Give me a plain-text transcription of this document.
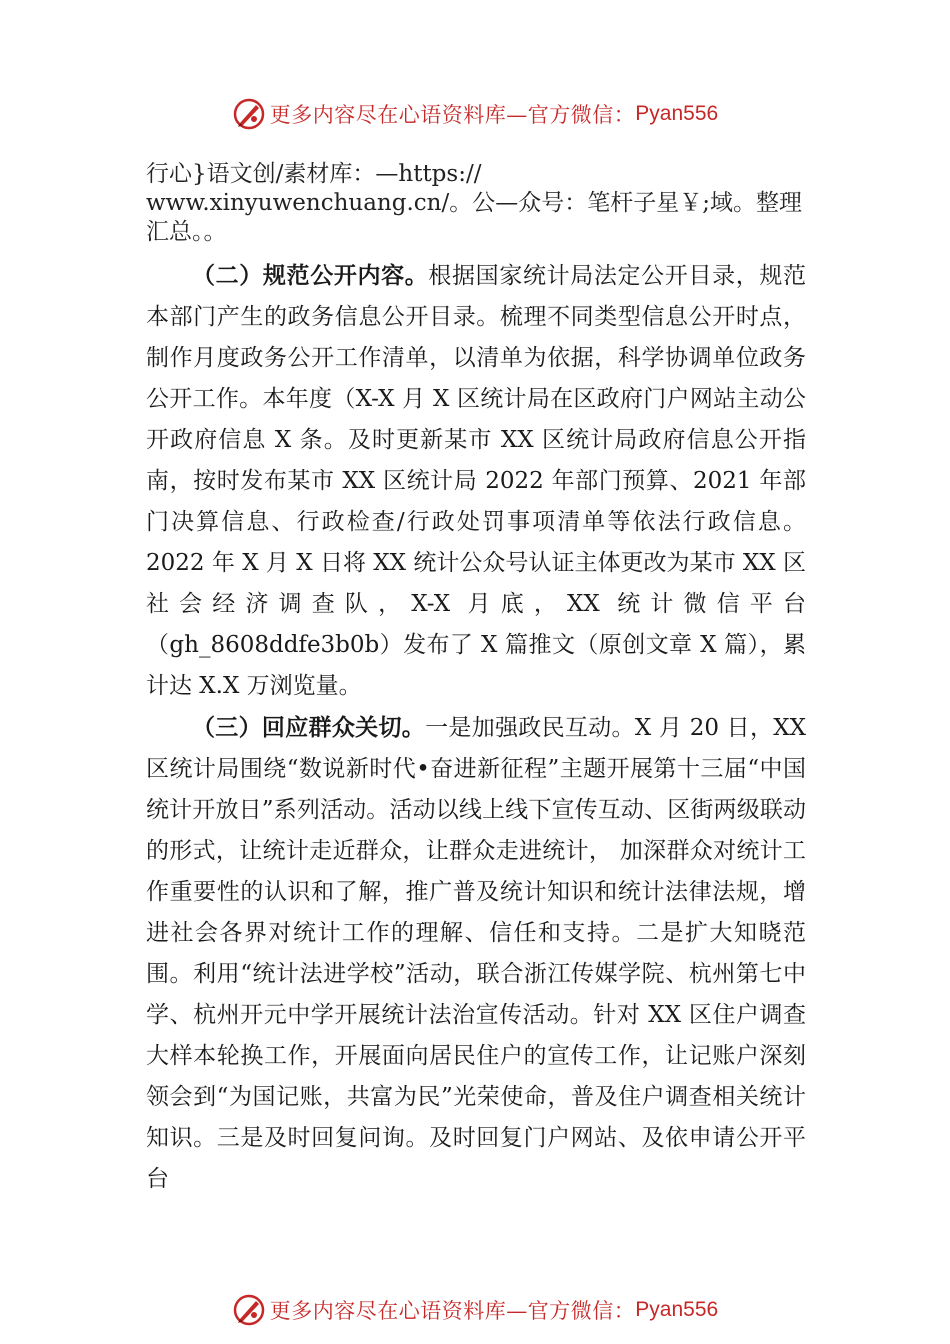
更多内容尽在心语资料库—官方微信： Pyan556
行心}语文创/素材库：—https://
www.xinyuwenchuang.cn/。公—众号：笔杆子星￥;域。整理
汇总。。

（二）规范公开内容。根据国家统计局法定公开目录，规范本部门产生的政务信息公开目录。梳理不同类型信息公开时点，制作月度政务公开工作清单，以清单为依据，科学协调单位政务公开工作。本年度（X-X 月 X 区统计局在区政府门户网站主动公开政府信息 X 条。及时更新某市 XX 区统计局政府信息公开指南，按时发布某市 XX 区统计局 2022 年部门预算、2021 年部门决算信息、行政检查/行政处罚事项清单等依法行政信息。2022 年 X 月 X 日将 XX 统计公众号认证主体更改为某市 XX 区社会经济调查队，X-X 月底，XX 统计微信平台（gh_8608ddfe3b0b）发布了 X 篇推文（原创文章 X 篇），累计达 X.X 万浏览量。

（三）回应群众关切。一是加强政民互动。X 月 20 日，XX 区统计局围绕“数说新时代•奋进新征程”主题开展第十三届“中国统计开放日”系列活动。活动以线上线下宣传互动、区街两级联动的形式，让统计走近群众，让群众走进统计， 加深群众对统计工作重要性的认识和了解，推广普及统计知识和统计法律法规，增进社会各界对统计工作的理解、信任和支持。二是扩大知晓范围。利用“统计法进学校”活动，联合浙江传媒学院、杭州第七中学、杭州开元中学开展统计法治宣传活动。针对 XX 区住户调查大样本轮换工作，开展面向居民住户的宣传工作，让记账户深刻领会到“为国记账，共富为民”光荣使命，普及住户调查相关统计知识。三是及时回复问询。及时回复门户网站、及依申请公开平台

更多内容尽在心语资料库—官方微信： Pyan556
